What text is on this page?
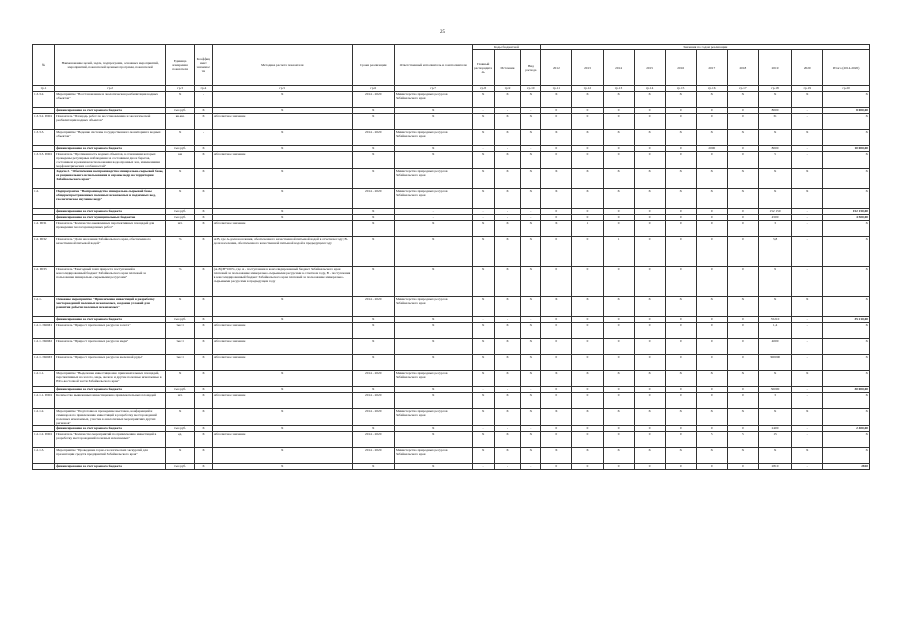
25
№	Наименование целей, задач, подпрограмм, основных мероприятий, мероприятий, показателей целевых программ, показателей	Единица измерения показателя	Коэффициент значимости	Методика расчета показателя	Сроки реализации	Ответственный исполнитель и соисполнители	Коды бюджетной			Значения по годам реализации									
							Главный распорядитель	Источник	Вид расхода	2012	2013	2014	2015	2016	2017	2018	2019	2020	Итого (2014-2020)
гр.1	гр.2	гр.3	гр.4	гр.5	гр.6	гр.7	гр.8	гр.9	гр.10	гр.11	гр.12	гр.13	гр.14	гр.15	гр.16	гр.17	гр.18	гр.19	гр.20
1.3.3.2.	Мероприятие "Восстановление и экологическая реабилитация водных объектов"	X	-	X	2014 - 2020	Министерство природных ресурсов Забайкальского края	X	X	X	X	X	X	X	X	X	X	X	X	X
	финансирование за счет краевого бюджета	тыс.руб.	X	X	X	X	-	-	-	0	0	0	0	0	0	0	8000	-	8 000,00
1.3.3.2. ПМ1	Показатель "Площадь работ по восстановлению и экологической реабилитации водных объектов"	кв.км.	X	Абсолютное значение	X	X	X	X	X	0	0	0	0	0	0	0	31	-	X
1.3.3.3.	Мероприятие "Ведение системы государственного мониторинга водных объектов"	X	-	X	2014 - 2020	Министерство природных ресурсов Забайкальского края	X	X	X	X	X	X	X	X	X	X	X	X	X
	финансирование за счет краевого бюджета	тыс.руб.	X	X	X	X	-	-	-	0	0	0	0	0	2000	0	8000	-	10 000,00
1.3.3.3. ПМ1	Показатель "Протяженность водных объектов, в отношении которых проведены регулярные наблюдения за состоянием дна и берегов, состоянием и режимом использования водоохранных зон, изменениями морфометрических особенностей"	км	X	Абсолютное значение	X	X	X	X	X	0	0	0	0	0	0	0	5	-	X
	Задача 2. "Обеспечение воспроизводства минерально-сырьевой базы, ее рационального использования и охраны недр на территории Забайкальского края"	X	X	X	X	Министерство природных ресурсов Забайкальского края	X	X	X	X	X	X	X	X	X	X	X	X	X
1.2.	Подпрограмма "Воспроизводство минерально-сырьевой базы общераспространенных полезных ископаемых и подземных вод, геологическое изучение недр"	X	X	X	2014 - 2020	Министерство природных ресурсов Забайкальского края	X	X	X	X	X	X	X	X	X	X	X	X	X
	финансирование за счет краевого бюджета	тыс.руб.	X	X	X	-	-	-	-	0	0	0	0	0	0	0	152 150	-	152 150,00
	финансирование за счет муниципальных бюджетов	тыс.руб.	X	X	X	-	-	-	-	0	0	0	0	0	0	0	4500	-	4 500,00
1.2. ПП1	Показатель "Количество выявленных перспективных площадей для проведения геологоразведочных работ"	шт.	X	Абсолютное значение	X	X	X	X	X	X	1	0	0	0	0	0	3	-	X
1.2. ПП2	Показатель "Доля населения Забайкальского края, обеспеченного качественной питьевой водой"	%	X	А/В, где А-доля населения, обеспеченного качественной питьевой водой в отчетном году; В-доля населения, обеспеченного качественной питьевой водой в предыдущем году	X	X	X	X	X	0	0	1	0	0	0	0	3,8	-	X
1.2. ПП3	Показатель "Ежегодный темп прироста поступлений в консолидированный бюджет Забайкальского края платежей за пользование минерально-сырьевыми ресурсами"	%	X	(А-В)/В*100%, где А - поступления в консолидированный бюджет Забайкальского края платежей за пользование минерально-сырьевыми ресурсами в отчетном году, В - поступления в консолидированный бюджет Забайкальского края платежей за пользование минерально-сырьевыми ресурсами в предыдущем году	X	X	X	X	X	0	0	0	0	0	0	0	9	-	X
1.2.1.	Основное мероприятие "Привлечение инвестиций в разработку месторождений полезных ископаемых, создание условий для развития добычи полезных ископаемых"	X	X	X	2014 - 2020	Министерство природных ресурсов Забайкальского края	X	X	X	X	X	X	X	X	X	X	X	X	X
	финансирование за счет краевого бюджета	тыс.руб.	X	X	X	X	-	-	-	0	0	0	0	0	0	0	35210	-	35 210,00
1.2.1. ПОМ1	Показатель "Прирост прогнозных ресурсов золота"	тыс.т	X	Абсолютное значение	X	X	X	X	X	0	0	0	0	0	0	0	1,4	-	X
1.2.1. ПОМ2	Показатель "Прирост прогнозных ресурсов меди"	тыс.т	X	Абсолютное значение	X	X	X	X	X	0	0	0	0	0	0	0	4000	-	X
1.2.1. ПОМ3	Показатель "Прирост прогнозных ресурсов железной руды"	тыс.т	X	Абсолютное значение	X	X	X	X	X	0	0	0	0	0	0	0	300000	-	X
1.2.1.1.	Мероприятие "Выделение инвестиционно привлекательных площадей, перспективных на золото, медь, железо и другие полезные ископаемые в Юго-восточной части Забайкальского края"	X	X	X	2014 - 2020	Министерство природных ресурсов Забайкальского края	X	X	X	X	X	X	X	X	X	X	X	X	X
	финансирование за счет краевого бюджета	тыс.руб.	X	X	X	X	-	-	-	0	0	0	0	0	0	0	30000	-	30 000,00
1.2.1.1. ПМ1	Количество выявленных инвестиционно привлекательных площадей	шт.	X	Абсолютное значение	2014 - 2020	X	X	X	X	0	0	0	0	0	0	0	3	-	X
1.2.1.2.	Мероприятие "Подготовка и проведение выставок, конференций и семинаров по привлечению инвестиций в разработку месторождений полезных ископаемых, участие в аналогичных мероприятиях других регионов"	X	X	X	2014 - 2020	Министерство природных ресурсов Забайкальского края	X	X	X	X	X	X	X	X	X	X	X	X	X
	финансирование за счет краевого бюджета	тыс.руб.	X	X	X	X	-	-	-	0	0	0	0	0	0	0	2400	-	2 400,00
1.2.1.2. ПМ1	Показатель "Количество мероприятий по привлечению инвестиций в разработку месторождений полезных ископаемых"	ед.	X	Абсолютное значение	2014 - 2020	X	X	X	X	0	0	0	0	0	5	5	15	-	X
1.2.1.3.	Мероприятие "Проведение горно-геологических экскурсий для презентации средств предприятий Забайкальского края"	X	X	X	2014 - 2020	Министерство природных ресурсов Забайкальского края	X	X	X	X	X	X	X	X	X	X	X	X	X
	финансирование за счет краевого бюджета	тыс.руб.	X	X	X	X	-	-	-	0	0	0	0	0	0	0	2810	-	2810
